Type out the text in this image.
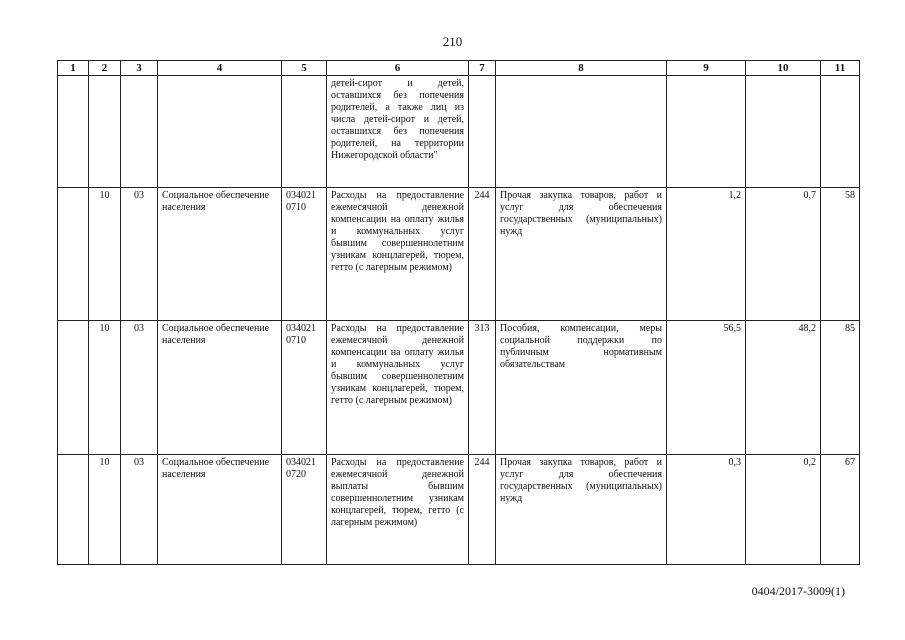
210
1	2	3	4	5	6	7	8	9	10	11
					детей-сирот и детей, оставшихся без попечения родителей, а также лиц из числа детей-сирот и детей, оставшихся без попечения родителей, на территории Нижегородской области"					
	10	03	Социальное обеспечение населения	034021 0710	Расходы на предоставление ежемесячной денежной компенсации на оплату жилья и коммунальных услуг бывшим совершеннолетним узникам концлагерей, тюрем, гетто (с лагерным режимом)	244	Прочая закупка товаров, работ и услуг для обеспечения государственных (муниципальных) нужд	1,2	0,7	58
	10	03	Социальное обеспечение населения	034021 0710	Расходы на предоставление ежемесячной денежной компенсации на оплату жилья и коммунальных услуг бывшим совершеннолетним узникам концлагерей, тюрем, гетто (с лагерным режимом)	313	Пособия, компенсации, меры социальной поддержки по публичным нормативным обязательствам	56,5	48,2	85
	10	03	Социальное обеспечение населения	034021 0720	Расходы на предоставление ежемесячной денежной выплаты бывшим совершеннолетним узникам концлагерей, тюрем, гетто (с лагерным режимом)	244	Прочая закупка товаров, работ и услуг для обеспечения государственных (муниципальных) нужд	0,3	0,2	67
0404/2017-3009(1)
